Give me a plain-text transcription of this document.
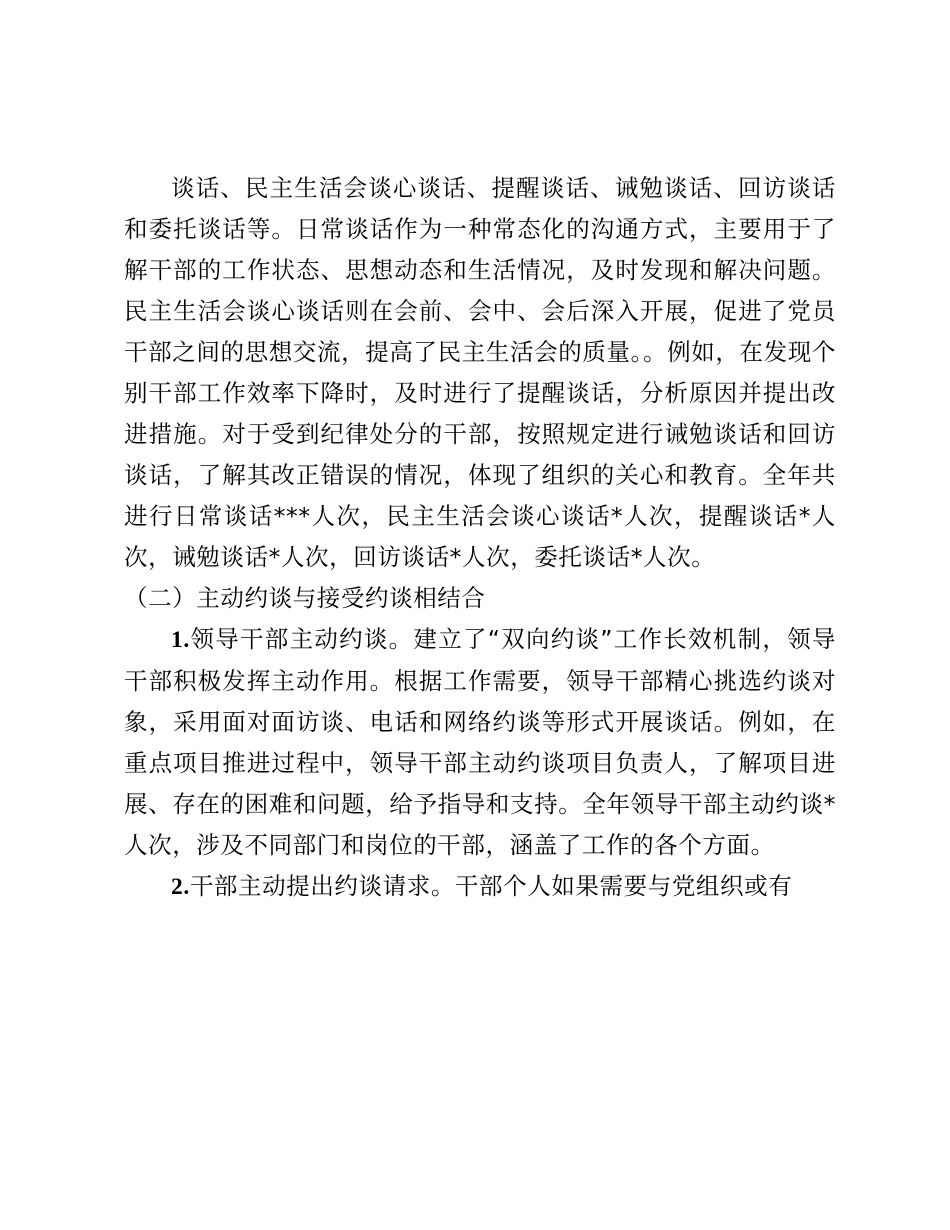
谈话、民主生活会谈心谈话、提醒谈话、诫勉谈话、回访谈话和委托谈话等。日常谈话作为一种常态化的沟通方式，主要用于了解干部的工作状态、思想动态和生活情况，及时发现和解决问题。民主生活会谈心谈话则在会前、会中、会后深入开展，促进了党员干部之间的思想交流，提高了民主生活会的质量。。例如，在发现个别干部工作效率下降时，及时进行了提醒谈话，分析原因并提出改进措施。对于受到纪律处分的干部，按照规定进行诫勉谈话和回访谈话，了解其改正错误的情况，体现了组织的关心和教育。全年共进行日常谈话***人次，民主生活会谈心谈话*人次，提醒谈话*人次，诫勉谈话*人次，回访谈话*人次，委托谈话*人次。

（二）主动约谈与接受约谈相结合

1.领导干部主动约谈。建立了“双向约谈”工作长效机制，领导干部积极发挥主动作用。根据工作需要，领导干部精心挑选约谈对象，采用面对面访谈、电话和网络约谈等形式开展谈话。例如，在重点项目推进过程中，领导干部主动约谈项目负责人，了解项目进展、存在的困难和问题，给予指导和支持。全年领导干部主动约谈*人次，涉及不同部门和岗位的干部，涵盖了工作的各个方面。

2.干部主动提出约谈请求。干部个人如果需要与党组织或有
